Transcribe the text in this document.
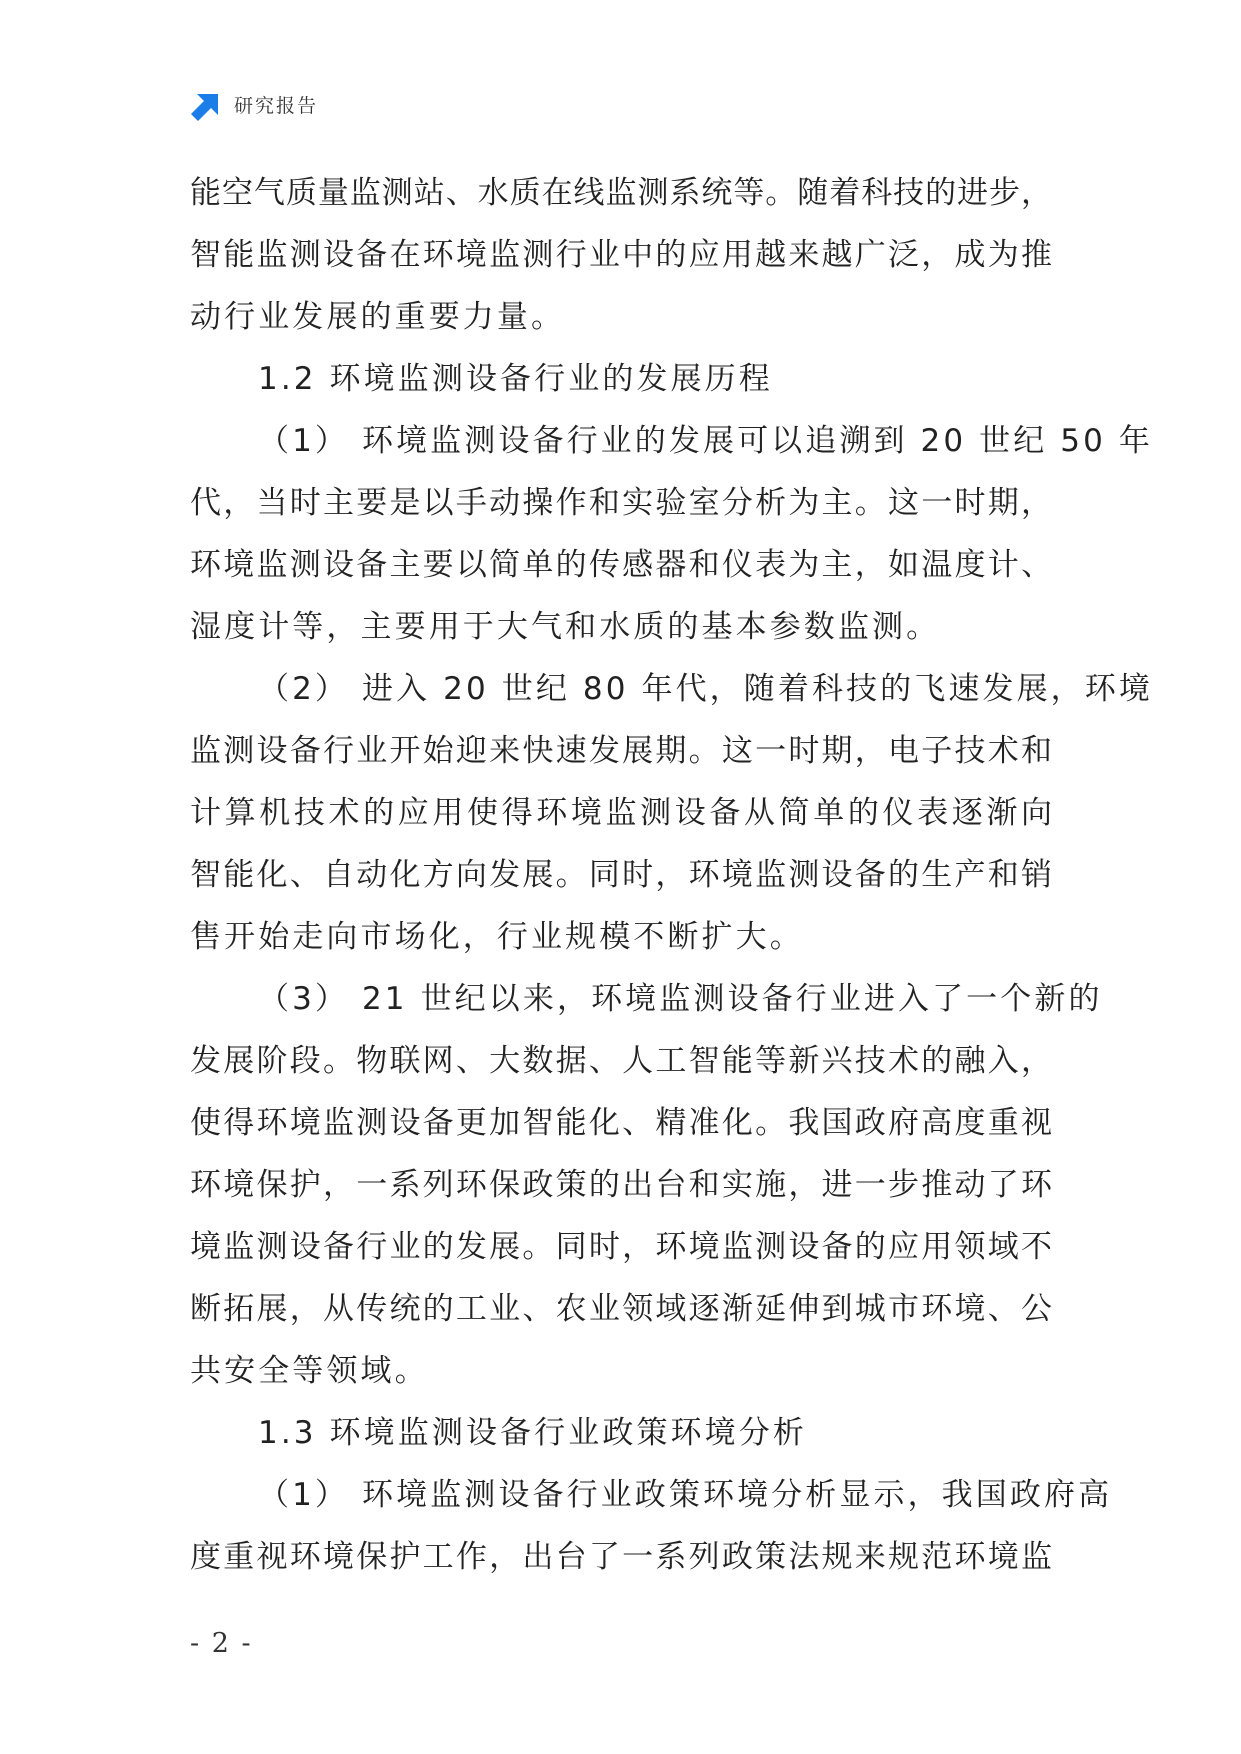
研究报告
能空气质量监测站、水质在线监测系统等。随着科技的进步，
智能监测设备在环境监测行业中的应用越来越广泛，成为推
动行业发展的重要力量。
1.2 环境监测设备行业的发展历程
（1） 环境监测设备行业的发展可以追溯到 20 世纪 50 年
代，当时主要是以手动操作和实验室分析为主。这一时期，
环境监测设备主要以简单的传感器和仪表为主，如温度计、
湿度计等，主要用于大气和水质的基本参数监测。
（2） 进入 20 世纪 80 年代，随着科技的飞速发展，环境
监测设备行业开始迎来快速发展期。这一时期，电子技术和
计算机技术的应用使得环境监测设备从简单的仪表逐渐向
智能化、自动化方向发展。同时，环境监测设备的生产和销
售开始走向市场化，行业规模不断扩大。
（3） 21 世纪以来，环境监测设备行业进入了一个新的
发展阶段。物联网、大数据、人工智能等新兴技术的融入，
使得环境监测设备更加智能化、精准化。我国政府高度重视
环境保护，一系列环保政策的出台和实施，进一步推动了环
境监测设备行业的发展。同时，环境监测设备的应用领域不
断拓展，从传统的工业、农业领域逐渐延伸到城市环境、公
共安全等领域。
1.3 环境监测设备行业政策环境分析
（1） 环境监测设备行业政策环境分析显示，我国政府高
度重视环境保护工作，出台了一系列政策法规来规范环境监
- 2 -
